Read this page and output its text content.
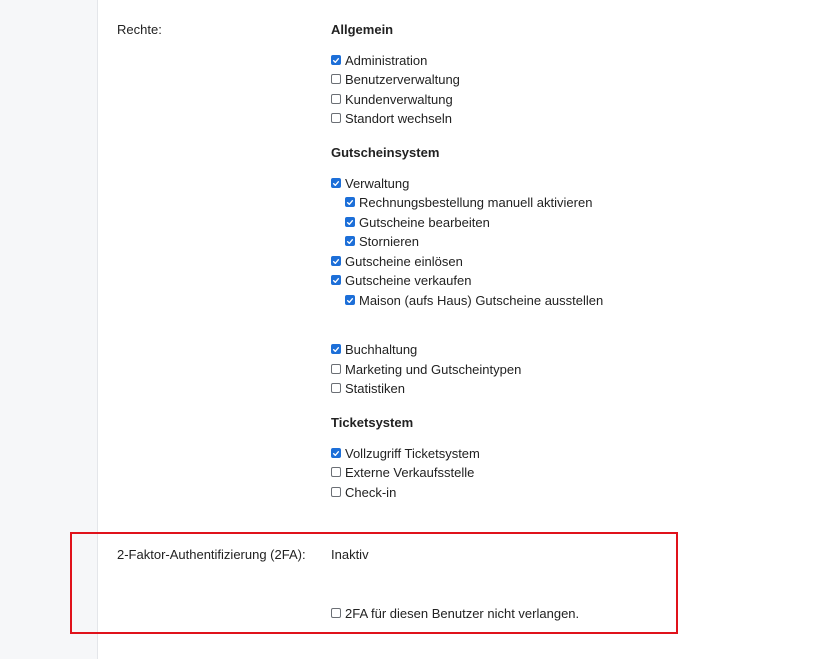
Rechte:	Allgemein
Administration
Benutzerverwaltung
Kundenverwaltung
Standort wechseln
Gutscheinsystem
Verwaltung
Rechnungsbestellung manuell aktivieren
Gutscheine bearbeiten
Stornieren
Gutscheine einlösen
Gutscheine verkaufen
Maison (aufs Haus) Gutscheine ausstellen
Buchhaltung
Marketing und Gutscheintypen
Statistiken
Ticketsystem
Vollzugriff Ticketsystem
Externe Verkaufsstelle
Check-in
2-Faktor-Authentifizierung (2FA): Inaktiv
2FA für diesen Benutzer nicht verlangen.
